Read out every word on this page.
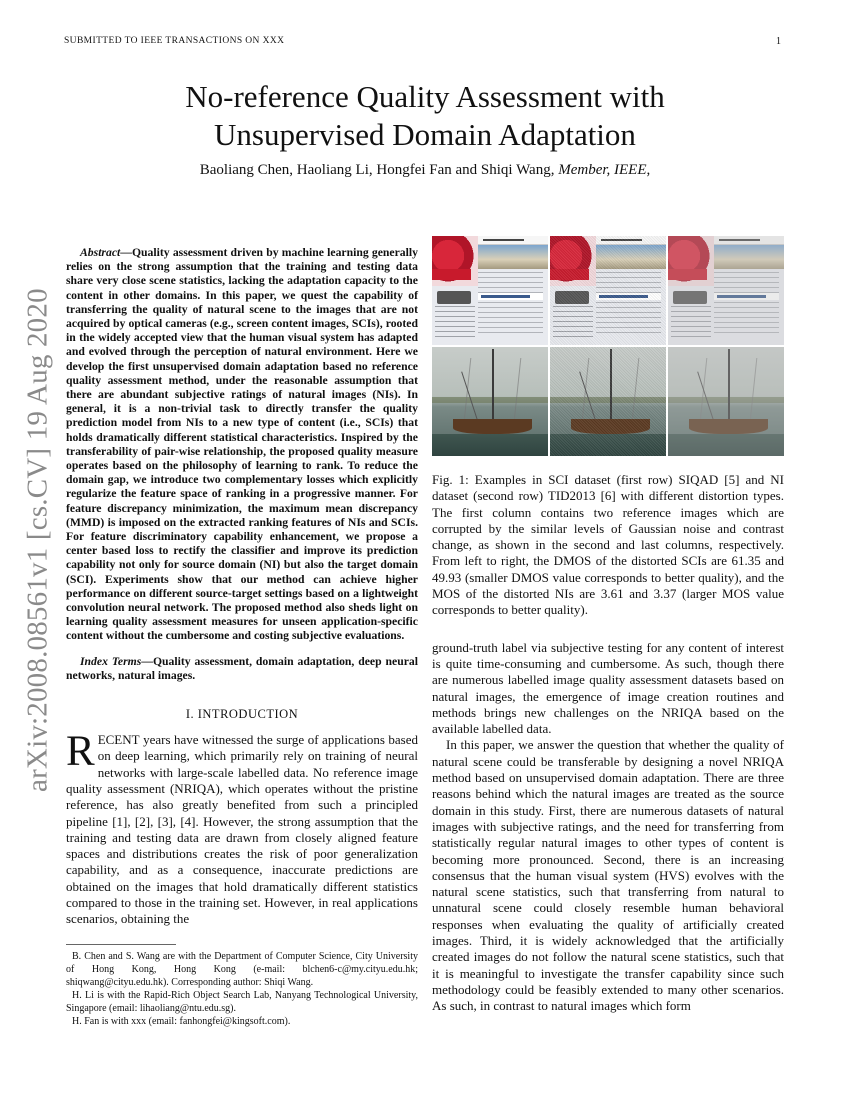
SUBMITTED TO IEEE TRANSACTIONS ON XXX	1
arXiv:2008.08561v1 [cs.CV] 19 Aug 2020
No-reference Quality Assessment with
Unsupervised Domain Adaptation
Baoliang Chen, Haoliang Li, Hongfei Fan and Shiqi Wang, Member, IEEE,

Abstract—Quality assessment driven by machine learning generally relies on the strong assumption that the training and testing data share very close scene statistics, lacking the adaptation capacity to the content in other domains. In this paper, we quest the capability of transferring the quality of natural scene to the images that are not acquired by optical cameras (e.g., screen content images, SCIs), rooted in the widely accepted view that the human visual system has adapted and evolved through the perception of natural environment. Here we develop the first unsupervised domain adaptation based no reference quality assessment method, under the reasonable assumption that there are abundant subjective ratings of natural images (NIs). In general, it is a non-trivial task to directly transfer the quality prediction model from NIs to a new type of content (i.e., SCIs) that holds dramatically different statistical characteristics. Inspired by the transferability of pair-wise relationship, the proposed quality measure operates based on the philosophy of learning to rank. To reduce the domain gap, we introduce two complementary losses which explicitly regularize the feature space of ranking in a progressive manner. For feature discrepancy minimization, the maximum mean discrepancy (MMD) is imposed on the extracted ranking features of NIs and SCIs. For feature discriminatory capability enhancement, we propose a center based loss to rectify the classifier and improve its prediction capability not only for source domain (NI) but also the target domain (SCI). Experiments show that our method can achieve higher performance on different source-target settings based on a lightweight convolution neural network. The proposed method also sheds light on learning quality assessment measures for unseen application-specific content without the cumbersome and costing subjective evaluations.

Index Terms—Quality assessment, domain adaptation, deep neural networks, natural images.

I. INTRODUCTION

RECENT years have witnessed the surge of applications based on deep learning, which primarily rely on training of neural networks with large-scale labelled data. No reference image quality assessment (NRIQA), which operates without the pristine reference, has also greatly benefited from such a principled pipeline [1], [2], [3], [4]. However, the strong assumption that the training and testing data are drawn from closely aligned feature spaces and distributions creates the risk of poor generalization capability, and as a consequence, inaccurate predictions are obtained on the images that hold dramatically different statistics compared to those in the training set. However, in real applications scenarios, obtaining the

B. Chen and S. Wang are with the Department of Computer Science, City University of Hong Kong, Hong Kong (e-mail: blchen6-c@my.cityu.edu.hk; shiqwang@cityu.edu.hk). Corresponding author: Shiqi Wang.

H. Li is with the Rapid-Rich Object Search Lab, Nanyang Technological University, Singapore (email: lihaoliang@ntu.edu.sg).

H. Fan is with xxx (email: fanhongfei@kingsoft.com).

Fig. 1: Examples in SCI dataset (first row) SIQAD [5] and NI dataset (second row) TID2013 [6] with different distortion types. The first column contains two reference images which are corrupted by the similar levels of Gaussian noise and contrast change, as shown in the second and last columns, respectively. From left to right, the DMOS of the distorted SCIs are 61.35 and 49.93 (smaller DMOS value corresponds to better quality), and the MOS of the distorted NIs are 3.61 and 3.37 (larger MOS value corresponds to better quality).

ground-truth label via subjective testing for any content of interest is quite time-consuming and cumbersome. As such, though there are numerous labelled image quality assessment datasets based on natural images, the emergence of image creation routines and methods brings new challenges on the NRIQA based on the available labelled data.

In this paper, we answer the question that whether the quality of natural scene could be transferable by designing a novel NRIQA method based on unsupervised domain adaptation. There are three reasons behind which the natural images are treated as the source domain in this study. First, there are numerous datasets of natural images with subjective ratings, and the need for transferring from statistically regular natural images to other types of content is becoming more pronounced. Second, there is an increasing consensus that the human visual system (HVS) evolves with the natural scene statistics, such that transferring from natural to unnatural scene could closely resemble human behavioral responses when evaluating the quality of artificially created images. Third, it is widely acknowledged that the artificially created images do not follow the natural scene statistics, such that it is meaningful to investigate the transfer capability since such methodology could be feasibly extended to many other scenarios. As such, in contrast to natural images which form
